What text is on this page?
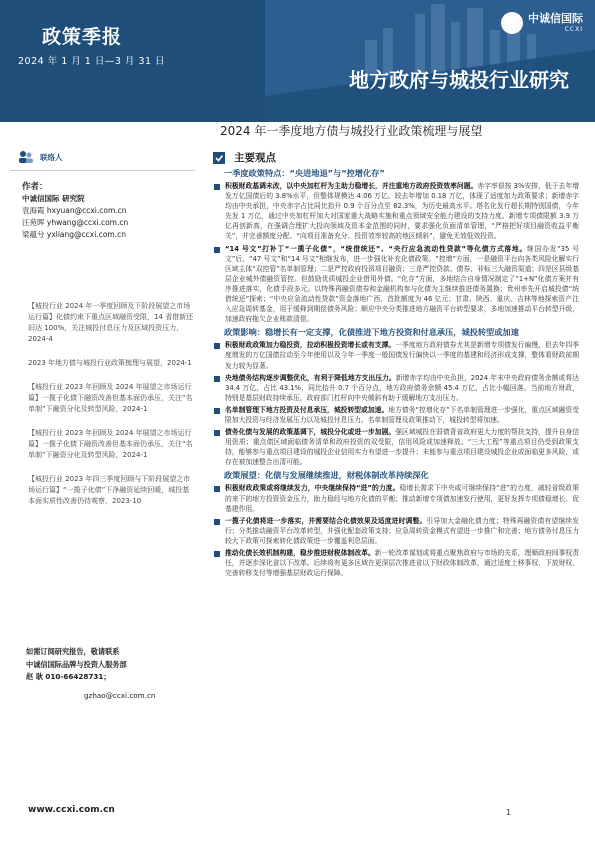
政策季报
2024 年 1 月 1 日—3 月 31 日
中诚信国际
CCXI
地方政府与城投行业研究
2024 年一季度地方债与城投行业政策梳理与展望
联络人
作者：
中诚信国际 研究院
袁海霞 hxyuan@ccxi.com.cn
汪苑晖 yhwang@ccxi.com.cn
梁蕴兮 yxliang@ccxi.com.cn

【城投行业 2024 年一季度回顾及下阶段展望之市场运行篇】化债约束下重点区域融资受限，14 省借新还旧达 100%，关注城投付息压力及区域投资压力，2024-4

2023 年地方债与城投行业政策梳理与展望，2024-1

【城投行业 2023 年回顾及 2024 年展望之市场运行篇】一揽子化债下融资改善但基本面仍承压，关注“名单制”下融资分化及转型风险，2024-1

【城投行业 2023 年回顾及 2024 年展望之市场运行篇】一揽子化债下融资改善但基本面仍承压，关注“名单制”下融资分化及转型风险，2024-1

【城投行业 2023 年四三季度回顾与下阶段展望之市场运行篇】“一揽子化债”下净融资延续回暖，城投基本面实质性改善仍待观察，2023-10

如需订阅研究报告，敬请联系
中诚信国际品牌与投资人服务部
赵 耿 010-66428731；
gzhao@ccxi.com.cn
主要观点
一季度政策特点：“央进地退”与“控增化存”
积极财政基调未改，以中央加杠杆为主助力稳增长，并注重地方政府投资效率问题。赤字率很按 3%安排，低于去年增发万亿国债后的 3.8%水平，但整体规模达 4.06 万亿，较去年增加 0.18 万亿，体现了适度加力政策要求；新增赤字均由中央承担，中央赤字占比同比抬升 0.9 个百分点至 82.3%，为历史最高水平。塔名化发行超长期特别国债，今年先发 1 万亿，通过中央加杠杆加大对国家重大战略实施和重点领域安全能力建设的支持力度。新增专项债限额 3.9 万亿再创新高，在强调合理扩大投向领域及资本金范围的同时，要求强化负面清单管理，“严格把好项目融资收益平衡关”，并完善额度分配、“向项目准备充分、投资效率较高的地区倾斜”，避免无效低效投资。
“14 号文”打补丁“一揽子化债”，“统借统还”、“央行应急流动性贷款”等化债方式落地。继国办发“35 号文”后，“47 号文”和“14 号文”相继发布，进一步强化补充化债政策。“控增”方面，一是融资平台向各类风险化解实行区域主体“双控管”名单制管理；二是严控政府投资项目融资；三是严控贷款、债券、非标三大融资渠道；四是区县级基层企业城外债融资管控。但鼓励优质城投企业借用外债。“化存”方面，多地结合自身情况制定了“1+N”化债方案并有序推进落实，化债手段多元。以特殊再融资债券和金融机构参与化债为主继续推进债务置换；贵州率先开启城投债“统借统还”探索；“中央应急流动性贷款”资金落地广西、首批额度为 46 亿元；甘肃、陕西、重庆、吉林等地探索资产注入应急周转基金，用于缓释到期偿债务风险；顺应中央分类推进地方融资平台转型要求，多地加速推动平台转型升级，加速政府拖欠企业账款清偿。
政策影响：稳增长有一定支撑，化债推进下地方投资和付息承压，城投转型或加速
积极财政政策加力稳投资，拉动积极投资增长或有支撑。一季度地方政府债券尤其是新增专项债发行偏慢，但去年四季度增发的万亿国债拉动至今年使用以及今年一季度一般国债发行偏快以一季度的基建和经济形成支撑，整体看财政前期发力较为显著。
央地债务结构逐步调整优化，有利于降低地方支出压力。新增赤字均由中央负担，2024 年末中央政府债务余额或将达 34.4 万亿，占比 43.1%，同比抬升 0.7 个百分点，地方政府债务余额 45.4 万亿，占比小幅回落。当前地方财政，特别是基层财政持续承压，政府部门杠杆向中央倾斜有助于缓解地方支出压力。
名单制管理下地方投资及付息承压，城投转型或加速。地方债务“控增化存”下名单制管理进一步强化，重点区域融资受限加大投资与经济发展压力以及城投付息压力。名单制管理及政策推动下，城投转型将加速。
债务化债与发展的政策基调下，城投分化或进一步加剧。强区域城投在弱债背省政府更大力度的帮扶支持，提升自身信用资质；重点债区域面临债务清单和政府投资的双受限，信用风险或加速释放。“三大工程”等重点项目仍受到政策支持，能够参与重点项目建设的城投企业信用实力有望进一步提升；未能参与重点项目建设城投企业或面临更多风险，或存在被加速整合出清可能。
政策展望：化债与发展继续推进，财税体制改革持续深化
积极财政政策或将继续发力，中央继续保持“进”的力度。稳增长需求下中央或可继续保持“进”的力度，减轻省级政策的来下的地方投资资金压力，助力稳经与地方化债的平衡；推动新增专项债加速发行使用，更好发挥专项债稳增长、促基建作用。
一揽子化债将进一步落实，并需要结合化债效果及适度进时调整。引导加大金融化债力度；特殊再融资债有望继续发行；分类推动融资平台改革转型，并强化配套政策支持；应急周转资金模式有望进一步推广和完善；地方债务付息压力较大下政策可探索转化债政策进一步覆盖利息层面。
推动化债长效机制构建，稳步推进财税体制改革。新一轮改革谋划或将重点聚焦政府与市场的关系，理顺政府间事权责任，并逐步深化省以下改革。后续将有更多区域在更深层次推进省以下财政体制改革，通过适度上移事权、下放财权、完善转移支付等增强基层财政运行保障。
www.ccxi.com.cn	1
